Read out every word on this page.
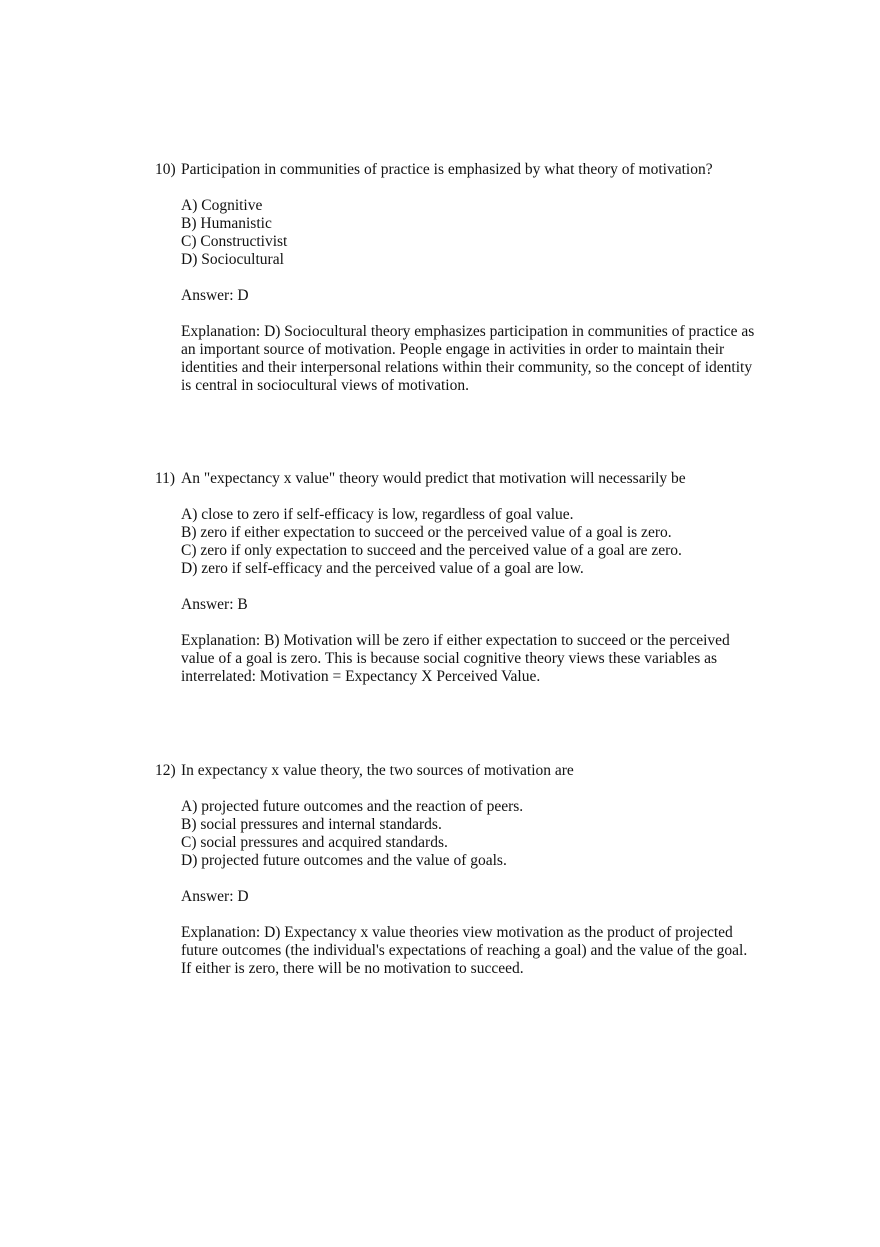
10) Participation in communities of practice is emphasized by what theory of motivation?
A) Cognitive
B) Humanistic
C) Constructivist
D) Sociocultural
Answer: D
Explanation: D) Sociocultural theory emphasizes participation in communities of practice as an important source of motivation. People engage in activities in order to maintain their identities and their interpersonal relations within their community, so the concept of identity is central in sociocultural views of motivation.
11) An "expectancy x value" theory would predict that motivation will necessarily be
A) close to zero if self-efficacy is low, regardless of goal value.
B) zero if either expectation to succeed or the perceived value of a goal is zero.
C) zero if only expectation to succeed and the perceived value of a goal are zero.
D) zero if self-efficacy and the perceived value of a goal are low.
Answer: B
Explanation: B) Motivation will be zero if either expectation to succeed or the perceived value of a goal is zero. This is because social cognitive theory views these variables as interrelated: Motivation = Expectancy X Perceived Value.
12) In expectancy x value theory, the two sources of motivation are
A) projected future outcomes and the reaction of peers.
B) social pressures and internal standards.
C) social pressures and acquired standards.
D) projected future outcomes and the value of goals.
Answer: D
Explanation: D) Expectancy x value theories view motivation as the product of projected future outcomes (the individual's expectations of reaching a goal) and the value of the goal. If either is zero, there will be no motivation to succeed.
